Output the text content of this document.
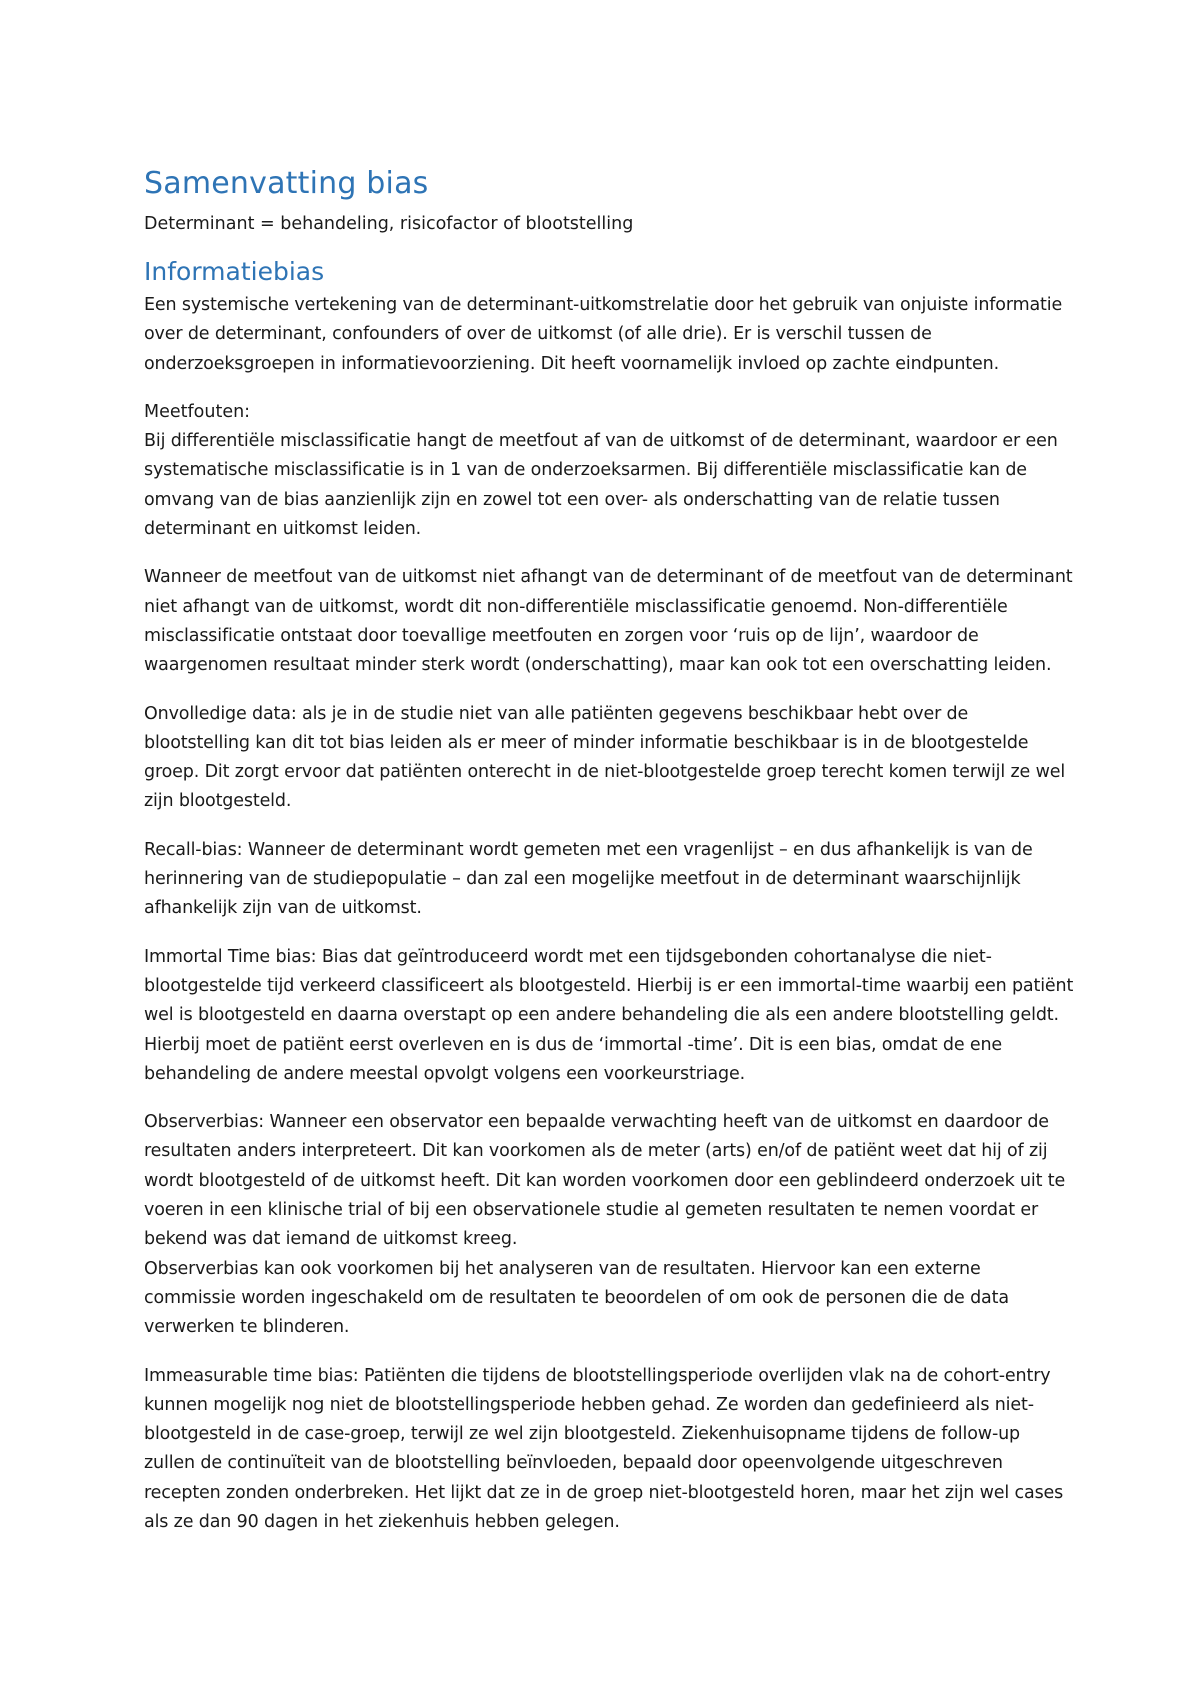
Samenvatting bias
Determinant = behandeling, risicofactor of blootstelling
Informatiebias

Een systemische vertekening van de determinant-uitkomstrelatie door het gebruik van onjuiste informatie over de determinant, confounders of over de uitkomst (of alle drie). Er is verschil tussen de onderzoeksgroepen in informatievoorziening. Dit heeft voornamelijk invloed op zachte eindpunten.

Meetfouten:

Bij differentiële misclassificatie hangt de meetfout af van de uitkomst of de determinant, waardoor er een systematische misclassificatie is in 1 van de onderzoeksarmen. Bij differentiële misclassificatie kan de omvang van de bias aanzienlijk zijn en zowel tot een over- als onderschatting van de relatie tussen determinant en uitkomst leiden.

Wanneer de meetfout van de uitkomst niet afhangt van de determinant of de meetfout van de determinant niet afhangt van de uitkomst, wordt dit non-differentiële misclassificatie genoemd. Non-differentiële misclassificatie ontstaat door toevallige meetfouten en zorgen voor ‘ruis op de lijn’, waardoor de waargenomen resultaat minder sterk wordt (onderschatting), maar kan ook tot een overschatting leiden.

Onvolledige data: als je in de studie niet van alle patiënten gegevens beschikbaar hebt over de blootstelling kan dit tot bias leiden als er meer of minder informatie beschikbaar is in de blootgestelde groep. Dit zorgt ervoor dat patiënten onterecht in de niet-blootgestelde groep terecht komen terwijl ze wel zijn blootgesteld.

Recall-bias: Wanneer de determinant wordt gemeten met een vragenlijst – en dus afhankelijk is van de herinnering van de studiepopulatie – dan zal een mogelijke meetfout in de determinant waarschijnlijk afhankelijk zijn van de uitkomst.

Immortal Time bias: Bias dat geïntroduceerd wordt met een tijdsgebonden cohortanalyse die niet-blootgestelde tijd verkeerd classificeert als blootgesteld. Hierbij is er een immortal-time waarbij een patiënt wel is blootgesteld en daarna overstapt op een andere behandeling die als een andere blootstelling geldt. Hierbij moet de patiënt eerst overleven en is dus de ‘immortal -time’. Dit is een bias, omdat de ene behandeling de andere meestal opvolgt volgens een voorkeurstriage.

Observerbias: Wanneer een observator een bepaalde verwachting heeft van de uitkomst en daardoor de resultaten anders interpreteert. Dit kan voorkomen als de meter (arts) en/of de patiënt weet dat hij of zij wordt blootgesteld of de uitkomst heeft. Dit kan worden voorkomen door een geblindeerd onderzoek uit te voeren in een klinische trial of bij een observationele studie al gemeten resultaten te nemen voordat er bekend was dat iemand de uitkomst kreeg.

Observerbias kan ook voorkomen bij het analyseren van de resultaten. Hiervoor kan een externe commissie worden ingeschakeld om de resultaten te beoordelen of om ook de personen die de data verwerken te blinderen.

Immeasurable time bias: Patiënten die tijdens de blootstellingsperiode overlijden vlak na de cohort-entry kunnen mogelijk nog niet de blootstellingsperiode hebben gehad. Ze worden dan gedefinieerd als niet-blootgesteld in de case-groep, terwijl ze wel zijn blootgesteld. Ziekenhuisopname tijdens de follow-up zullen de continuïteit van de blootstelling beïnvloeden, bepaald door opeenvolgende uitgeschreven recepten zonden onderbreken. Het lijkt dat ze in de groep niet-blootgesteld horen, maar het zijn wel cases als ze dan 90 dagen in het ziekenhuis hebben gelegen.
